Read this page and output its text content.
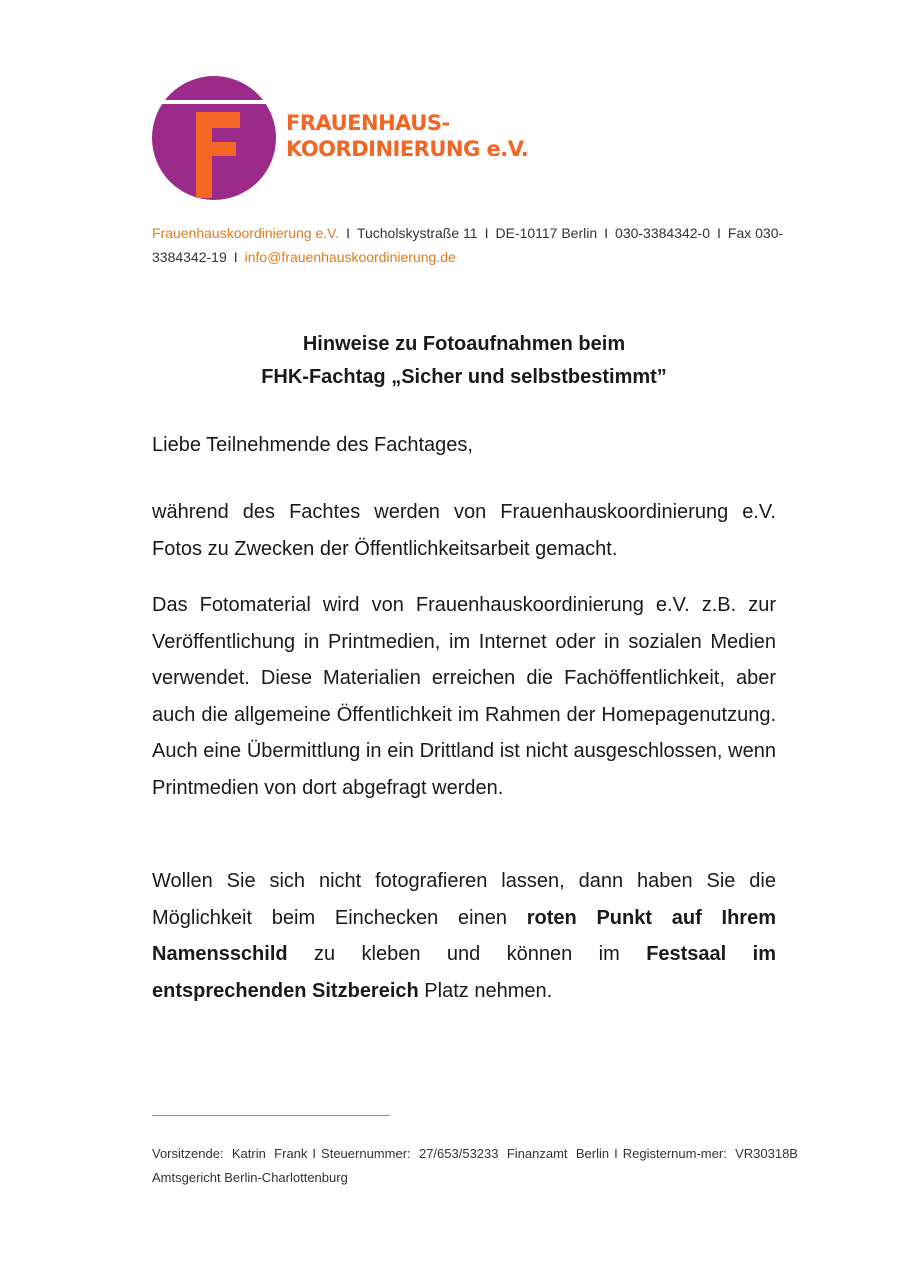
FRAUENHAUS-
KOORDINIERUNG e.V.
Frauenhauskoordinierung e.V. I Tucholskystraße 11 I DE-10117 Berlin I 030-3384342-0 I Fax 030-3384342-19 I info@frauenhauskoordinierung.de
Hinweise zu Fotoaufnahmen beim
FHK-Fachtag „Sicher und selbstbestimmt”
Liebe Teilnehmende des Fachtages,

während des Fachtes werden von Frauenhauskoordinierung e.V. Fotos zu Zwecken der Öffentlichkeitsarbeit gemacht.

Das Fotomaterial wird von Frauenhauskoordinierung e.V. z.B. zur Veröffentlichung in Printmedien, im Internet oder in sozialen Medien verwendet. Diese Materialien erreichen die Fachöffentlichkeit, aber auch die allgemeine Öffentlichkeit im Rahmen der Homepagenutzung. Auch eine Übermittlung in ein Drittland ist nicht ausgeschlossen, wenn Printmedien von dort abgefragt werden.

Wollen Sie sich nicht fotografieren lassen, dann haben Sie die Möglichkeit beim Einchecken einen roten Punkt auf Ihrem Namensschild zu kleben und können im Festsaal im entsprechenden Sitzbereich Platz nehmen.

Vorsitzende: Katrin Frank I Steuernummer: 27/653/53233 Finanzamt Berlin I Registernum-mer: VR30318B Amtsgericht Berlin-Charlottenburg
